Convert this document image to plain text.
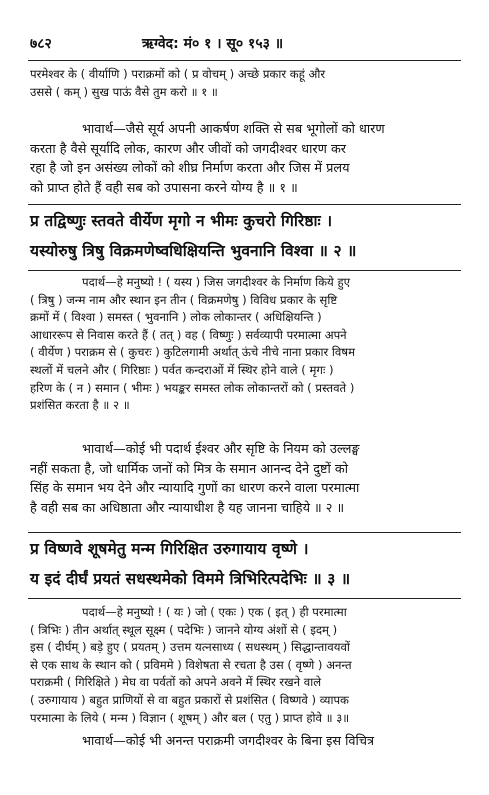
७८२	ऋग्वेद: मं० १ । सू० १५३ ॥

परमेश्वर के ( वीर्याणि ) पराक्रमों को ( प्र वोचम् ) अच्छे प्रकार कहूं और

उससे ( कम् ) सुख पाऊं वैसे तुम करो ॥ १ ॥

भावार्थ—जैसे सूर्य अपनी आकर्षण शक्ति से सब भूगोलों को धारण

करता है वैसे सूर्यादि लोक, कारण और जीवों को जगदीश्वर धारण कर

रहा है जो इन असंख्य लोकों को शीघ्र निर्माण करता और जिस में प्रलय

को प्राप्त होते हैं वही सब को उपासना करने योग्य है ॥ १ ॥

प्र तद्विष्णुः स्तवते वीर्येण मृगो न भीमः कुचरो गिरिष्ठाः ।

यस्योरुषु त्रिषु विक्रमणेष्वधिक्षियन्ति भुवनानि विश्वा ॥ २ ॥

पदार्थ—हे मनुष्यो ! ( यस्य ) जिस जगदीश्वर के निर्माण किये हुए

( त्रिषु ) जन्म नाम और स्थान इन तीन ( विक्रमणेषु ) विविध प्रकार के सृष्टि

क्रमों में ( विश्वा ) समस्त ( भुवनानि ) लोक लोकान्तर ( अधिक्षियन्ति )

आधाररूप से निवास करते हैं ( तत् ) वह ( विष्णुः ) सर्वव्यापी परमात्मा अपने

( वीर्येण ) पराक्रम से ( कुचरः ) कुटिलगामी अर्थात् ऊंचे नीचे नाना प्रकार विषम

स्थलों में चलने और ( गिरिष्ठाः ) पर्वत कन्दराओं में स्थिर होने वाले ( मृगः )

हरिण के ( न ) समान ( भीमः ) भयङ्कर समस्त लोक लोकान्तरों को ( प्रस्तवते )

प्रशंसित करता है ॥ २ ॥

भावार्थ—कोई भी पदार्थ ईश्वर और सृष्टि के नियम को उल्लङ्घ

नहीं सकता है, जो धार्मिक जनों को मित्र के समान आनन्द देने दुष्टों को

सिंह के समान भय देने और न्यायादि गुणों का धारण करने वाला परमात्मा

है वही सब का अधिष्ठाता और न्यायाधीश है यह जानना चाहिये ॥ २ ॥

प्र विष्णवे शूषमेतु मन्म गिरिक्षित उरुगायाय वृष्णे ।

य इदं दीर्घं प्रयतं सधस्थमेको विममे त्रिभिरित्पदेभिः ॥ ३ ॥

पदार्थ—हे मनुष्यो ! ( यः ) जो ( एकः ) एक ( इत् ) ही परमात्मा

( त्रिभिः ) तीन अर्थात् स्थूल सूक्ष्म ( पदेभिः ) जानने योग्य अंशों से ( इदम् )

इस ( दीर्घम् ) बड़े हुए ( प्रयतम् ) उत्तम यत्नसाध्य ( सधस्थम् ) सिद्धान्तावयवों

से एक साथ के स्थान को ( प्रविममे ) विशेषता से रचता है उस ( वृष्णे ) अनन्त

पराक्रमी ( गिरिक्षिते ) मेघ वा पर्वतों को अपने अवने में स्थिर रखने वाले

( उरुगायाय ) बहुत प्राणियों से वा बहुत प्रकारों से प्रशंसित ( विष्णवे ) व्यापक

परमात्मा के लिये ( मन्म ) विज्ञान ( शूषम् ) और बल ( एतु ) प्राप्त होवे ॥ ३॥

भावार्थ—कोई भी अनन्त पराक्रमी जगदीश्वर के बिना इस विचित्र
